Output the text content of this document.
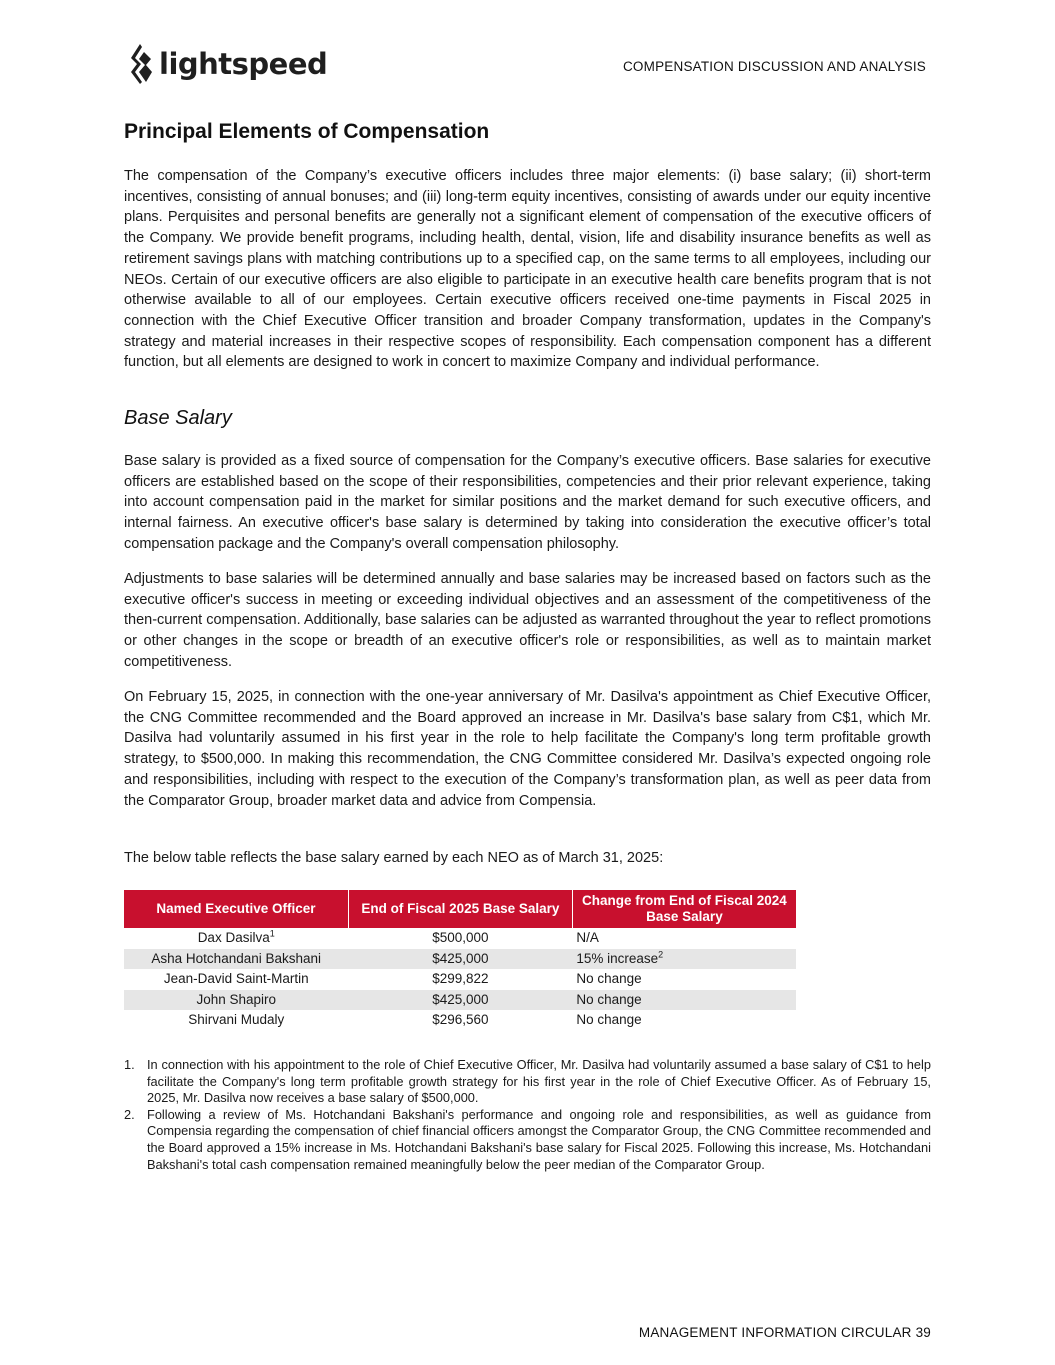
lightspeed	COMPENSATION DISCUSSION AND ANALYSIS
Principal Elements of Compensation

The compensation of the Company’s executive officers includes three major elements: (i) base salary; (ii) short-term incentives, consisting of annual bonuses; and (iii) long-term equity incentives, consisting of awards under our equity incentive plans. Perquisites and personal benefits are generally not a significant element of compensation of the executive officers of the Company. We provide benefit programs, including health, dental, vision, life and disability insurance benefits as well as retirement savings plans with matching contributions up to a specified cap, on the same terms to all employees, including our NEOs. Certain of our executive officers are also eligible to participate in an executive health care benefits program that is not otherwise available to all of our employees. Certain executive officers received one-time payments in Fiscal 2025 in connection with the Chief Executive Officer transition and broader Company transformation, updates in the Company's strategy and material increases in their respective scopes of responsibility. Each compensation component has a different function, but all elements are designed to work in concert to maximize Company and individual performance.

Base Salary

Base salary is provided as a fixed source of compensation for the Company’s executive officers. Base salaries for executive officers are established based on the scope of their responsibilities, competencies and their prior relevant experience, taking into account compensation paid in the market for similar positions and the market demand for such executive officers, and internal fairness. An executive officer's base salary is determined by taking into consideration the executive officer’s total compensation package and the Company's overall compensation philosophy.

Adjustments to base salaries will be determined annually and base salaries may be increased based on factors such as the executive officer's success in meeting or exceeding individual objectives and an assessment of the competitiveness of the then-current compensation. Additionally, base salaries can be adjusted as warranted throughout the year to reflect promotions or other changes in the scope or breadth of an executive officer's role or responsibilities, as well as to maintain market competitiveness.

On February 15, 2025, in connection with the one-year anniversary of Mr. Dasilva's appointment as Chief Executive Officer, the CNG Committee recommended and the Board approved an increase in Mr. Dasilva's base salary from C$1, which Mr. Dasilva had voluntarily assumed in his first year in the role to help facilitate the Company's long term profitable growth strategy, to $500,000. In making this recommendation, the CNG Committee considered Mr. Dasilva’s expected ongoing role and responsibilities, including with respect to the execution of the Company’s transformation plan, as well as peer data from the Comparator Group, broader market data and advice from Compensia.

The below table reflects the base salary earned by each NEO as of March 31, 2025:

Named Executive Officer	End of Fiscal 2025 Base Salary	Change from End of Fiscal 2024 Base Salary
Dax Dasilva$^1$	$500,000	N/A
Asha Hotchandani Bakshani	$425,000	15% increase$^2$
Jean-David Saint-Martin	$299,822	No change
John Shapiro	$425,000	No change
Shirvani Mudaly	$296,560	No change
1. In connection with his appointment to the role of Chief Executive Officer, Mr. Dasilva had voluntarily assumed a base salary of C$1 to help facilitate the Company's long term profitable growth strategy for his first year in the role of Chief Executive Officer. As of February 15, 2025, Mr. Dasilva now receives a base salary of $500,000.
2. Following a review of Ms. Hotchandani Bakshani's performance and ongoing role and responsibilities, as well as guidance from Compensia regarding the compensation of chief financial officers amongst the Comparator Group, the CNG Committee recommended and the Board approved a 15% increase in Ms. Hotchandani Bakshani's base salary for Fiscal 2025. Following this increase, Ms. Hotchandani Bakshani's total cash compensation remained meaningfully below the peer median of the Comparator Group.
MANAGEMENT INFORMATION CIRCULAR 39
